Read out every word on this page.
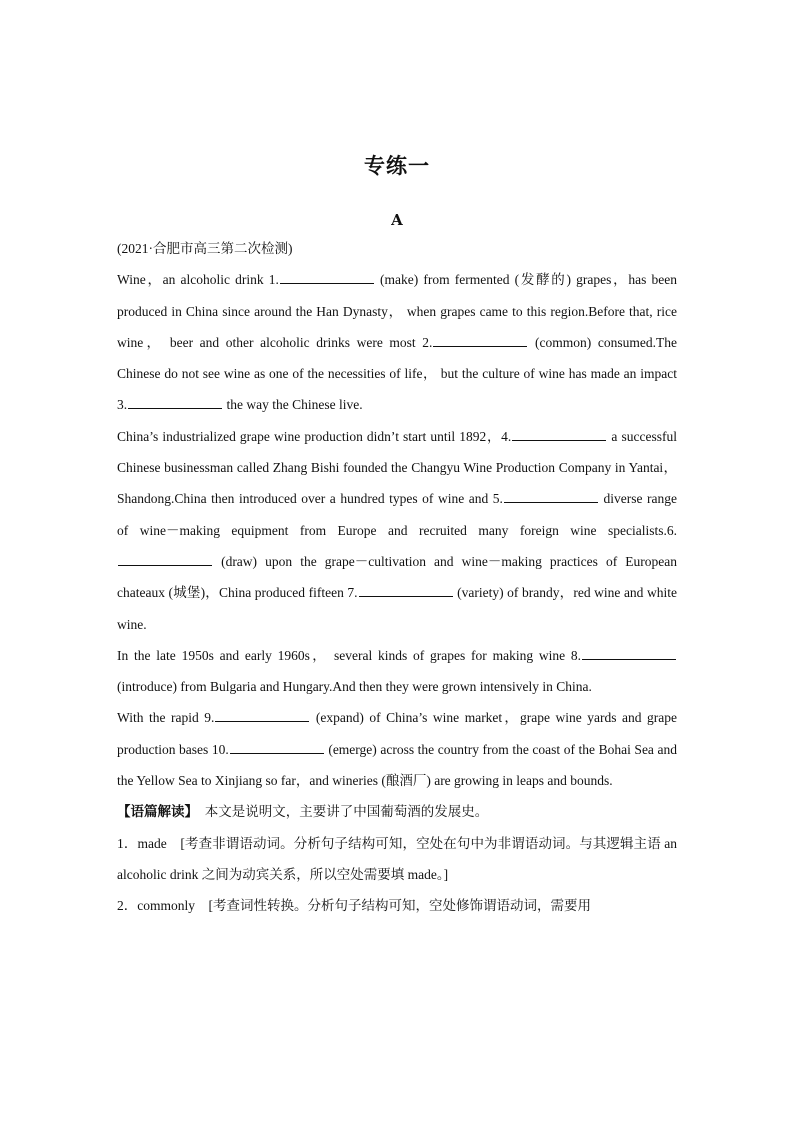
专练一
A

(2021·合肥市高三第二次检测)

Wine，an alcoholic drink 1.	(make) from fermented (发酵的) grapes，has been produced in China since around the Han Dynasty， when grapes came to this region.Before that, rice wine， beer and other alcoholic drinks were most 2.	(common) consumed.The Chinese do not see wine as one of the necessities of life， but the culture of wine has made an impact 3.	the way the Chinese live.

China’s industrialized grape wine production didn’t start until 1892，4.	a successful Chinese businessman called Zhang Bishi founded the Changyu Wine Production Company in Yantai， Shandong.China then introduced over a hundred types of wine and 5.	diverse range of wine－making equipment from Europe and recruited many foreign wine specialists.6. (draw) upon the grape－cultivation and wine－making practices of European chateaux (城堡)，China produced fifteen 7.	(variety) of brandy，red wine and white wine.

In the late 1950s and early 1960s， several kinds of grapes for making wine 8. (introduce) from Bulgaria and Hungary.And then they were grown intensively in China.

With the rapid 9.	(expand) of China’s wine market，grape wine yards and grape production bases 10.	(emerge) across the country from the coast of the Bohai Sea and the Yellow Sea to Xinjiang so far，and wineries (酿酒厂) are growing in leaps and bounds.

【语篇解读】　本文是说明文，主要讲了中国葡萄酒的发展史。

1．made　[考查非谓语动词。分析句子结构可知，空处在句中为非谓语动词。与其逻辑主语 an alcoholic drink 之间为动宾关系，所以空处需要填 made。]

2．commonly　[考查词性转换。分析句子结构可知，空处修饰谓语动词，需要用
